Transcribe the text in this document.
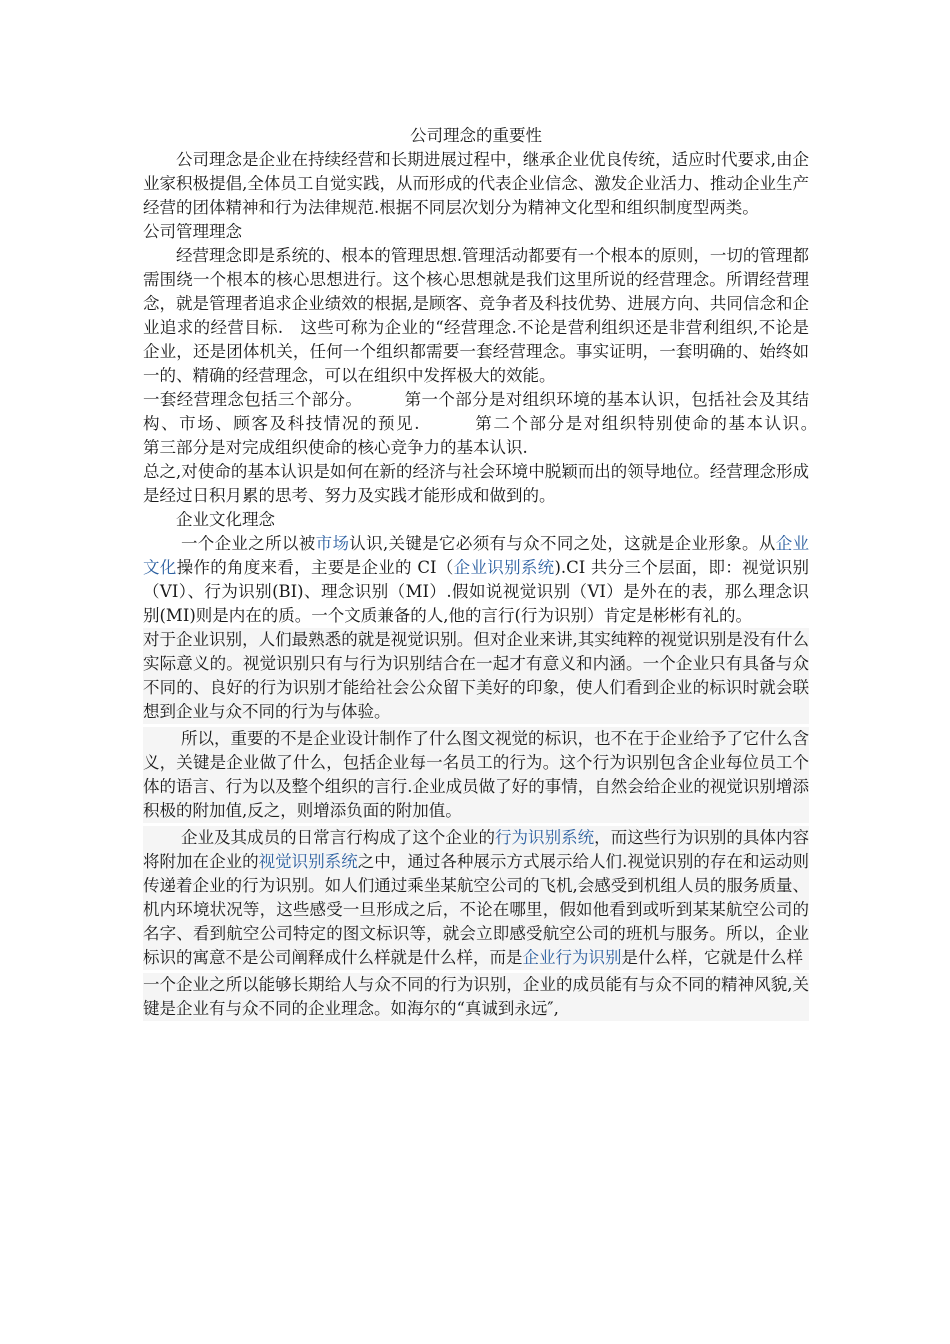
公司理念的重要性

公司理念是企业在持续经营和长期进展过程中，继承企业优良传统，适应时代要求,由企业家积极提倡,全体员工自觉实践，从而形成的代表企业信念、激发企业活力、推动企业生产经营的团体精神和行为法律规范.根据不同层次划分为精神文化型和组织制度型两类。

公司管理理念

经营理念即是系统的、根本的管理思想.管理活动都要有一个根本的原则，一切的管理都需围绕一个根本的核心思想进行。这个核心思想就是我们这里所说的经营理念。所谓经营理念，就是管理者追求企业绩效的根据,是顾客、竞争者及科技优势、进展方向、共同信念和企业追求的经营目标.　这些可称为企业的“经营理念.不论是营利组织还是非营利组织,不论是企业，还是团体机关，任何一个组织都需要一套经营理念。事实证明，一套明确的、始终如一的、精确的经营理念，可以在组织中发挥极大的效能。

一套经营理念包括三个部分。　　　第一个部分是对组织环境的基本认识，包括社会及其结构、市场、顾客及科技情况的预见.　　　第二个部分是对组织特别使命的基本认识。　　　第三部分是对完成组织使命的核心竞争力的基本认识.

总之,对使命的基本认识是如何在新的经济与社会环境中脱颖而出的领导地位。经营理念形成是经过日积月累的思考、努力及实践才能形成和做到的。

企业文化理念

一个企业之所以被市场认识,关键是它必须有与众不同之处，这就是企业形象。从企业文化操作的角度来看，主要是企业的 CI（企业识别系统).CI 共分三个层面，即：视觉识别（VI）、行为识别(BI)、理念识别（MI）.假如说视觉识别（VI）是外在的表，那么理念识别(MI)则是内在的质。一个文质兼备的人,他的言行(行为识别）肯定是彬彬有礼的。

对于企业识别，人们最熟悉的就是视觉识别。但对企业来讲,其实纯粹的视觉识别是没有什么实际意义的。视觉识别只有与行为识别结合在一起才有意义和内涵。一个企业只有具备与众不同的、良好的行为识别才能给社会公众留下美好的印象，使人们看到企业的标识时就会联想到企业与众不同的行为与体验。

所以，重要的不是企业设计制作了什么图文视觉的标识，也不在于企业给予了它什么含义，关键是企业做了什么，包括企业每一名员工的行为。这个行为识别包含企业每位员工个体的语言、行为以及整个组织的言行.企业成员做了好的事情，自然会给企业的视觉识别增添积极的附加值,反之，则增添负面的附加值。

企业及其成员的日常言行构成了这个企业的行为识别系统，而这些行为识别的具体内容将附加在企业的视觉识别系统之中，通过各种展示方式展示给人们.视觉识别的存在和运动则传递着企业的行为识别。如人们通过乘坐某航空公司的飞机,会感受到机组人员的服务质量、机内环境状况等，这些感受一旦形成之后，不论在哪里，假如他看到或听到某某航空公司的名字、看到航空公司特定的图文标识等，就会立即感受航空公司的班机与服务。所以，企业标识的寓意不是公司阐释成什么样就是什么样，而是企业行为识别是什么样，它就是什么样

一个企业之所以能够长期给人与众不同的行为识别，企业的成员能有与众不同的精神风貌,关键是企业有与众不同的企业理念。如海尔的“真诚到永远″,
